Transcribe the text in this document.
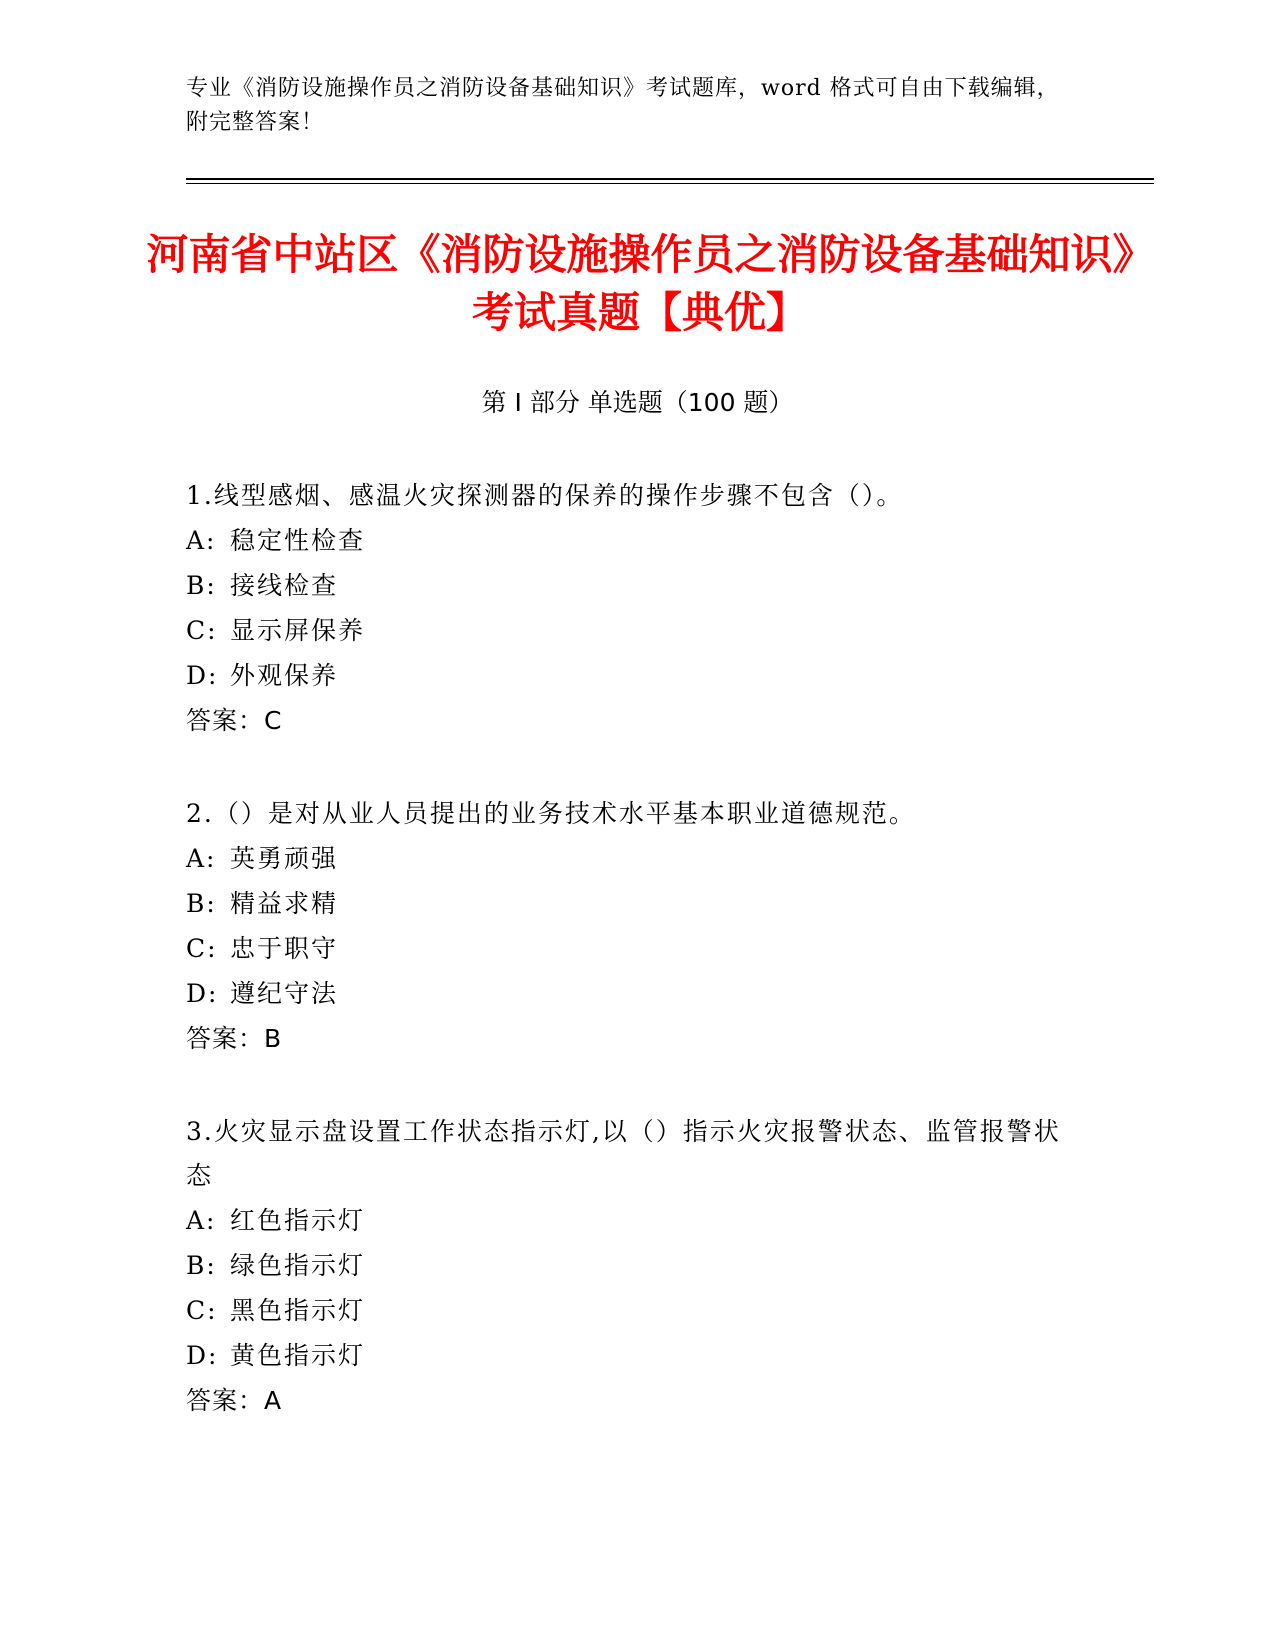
专业《消防设施操作员之消防设备基础知识》考试题库，word 格式可自由下载编辑，附完整答案！
河南省中站区《消防设施操作员之消防设备基础知识》考试真题【典优】
第 I 部分 单选题（100 题）
1.线型感烟、感温火灾探测器的保养的操作步骤不包含（）。
A: 稳定性检查
B: 接线检查
C: 显示屏保养
D: 外观保养
答案：C
2.（）是对从业人员提出的业务技术水平基本职业道德规范。
A: 英勇顽强
B: 精益求精
C: 忠于职守
D: 遵纪守法
答案：B
3.火灾显示盘设置工作状态指示灯,以（）指示火灾报警状态、监管报警状态
A: 红色指示灯
B: 绿色指示灯
C: 黑色指示灯
D: 黄色指示灯
答案：A
